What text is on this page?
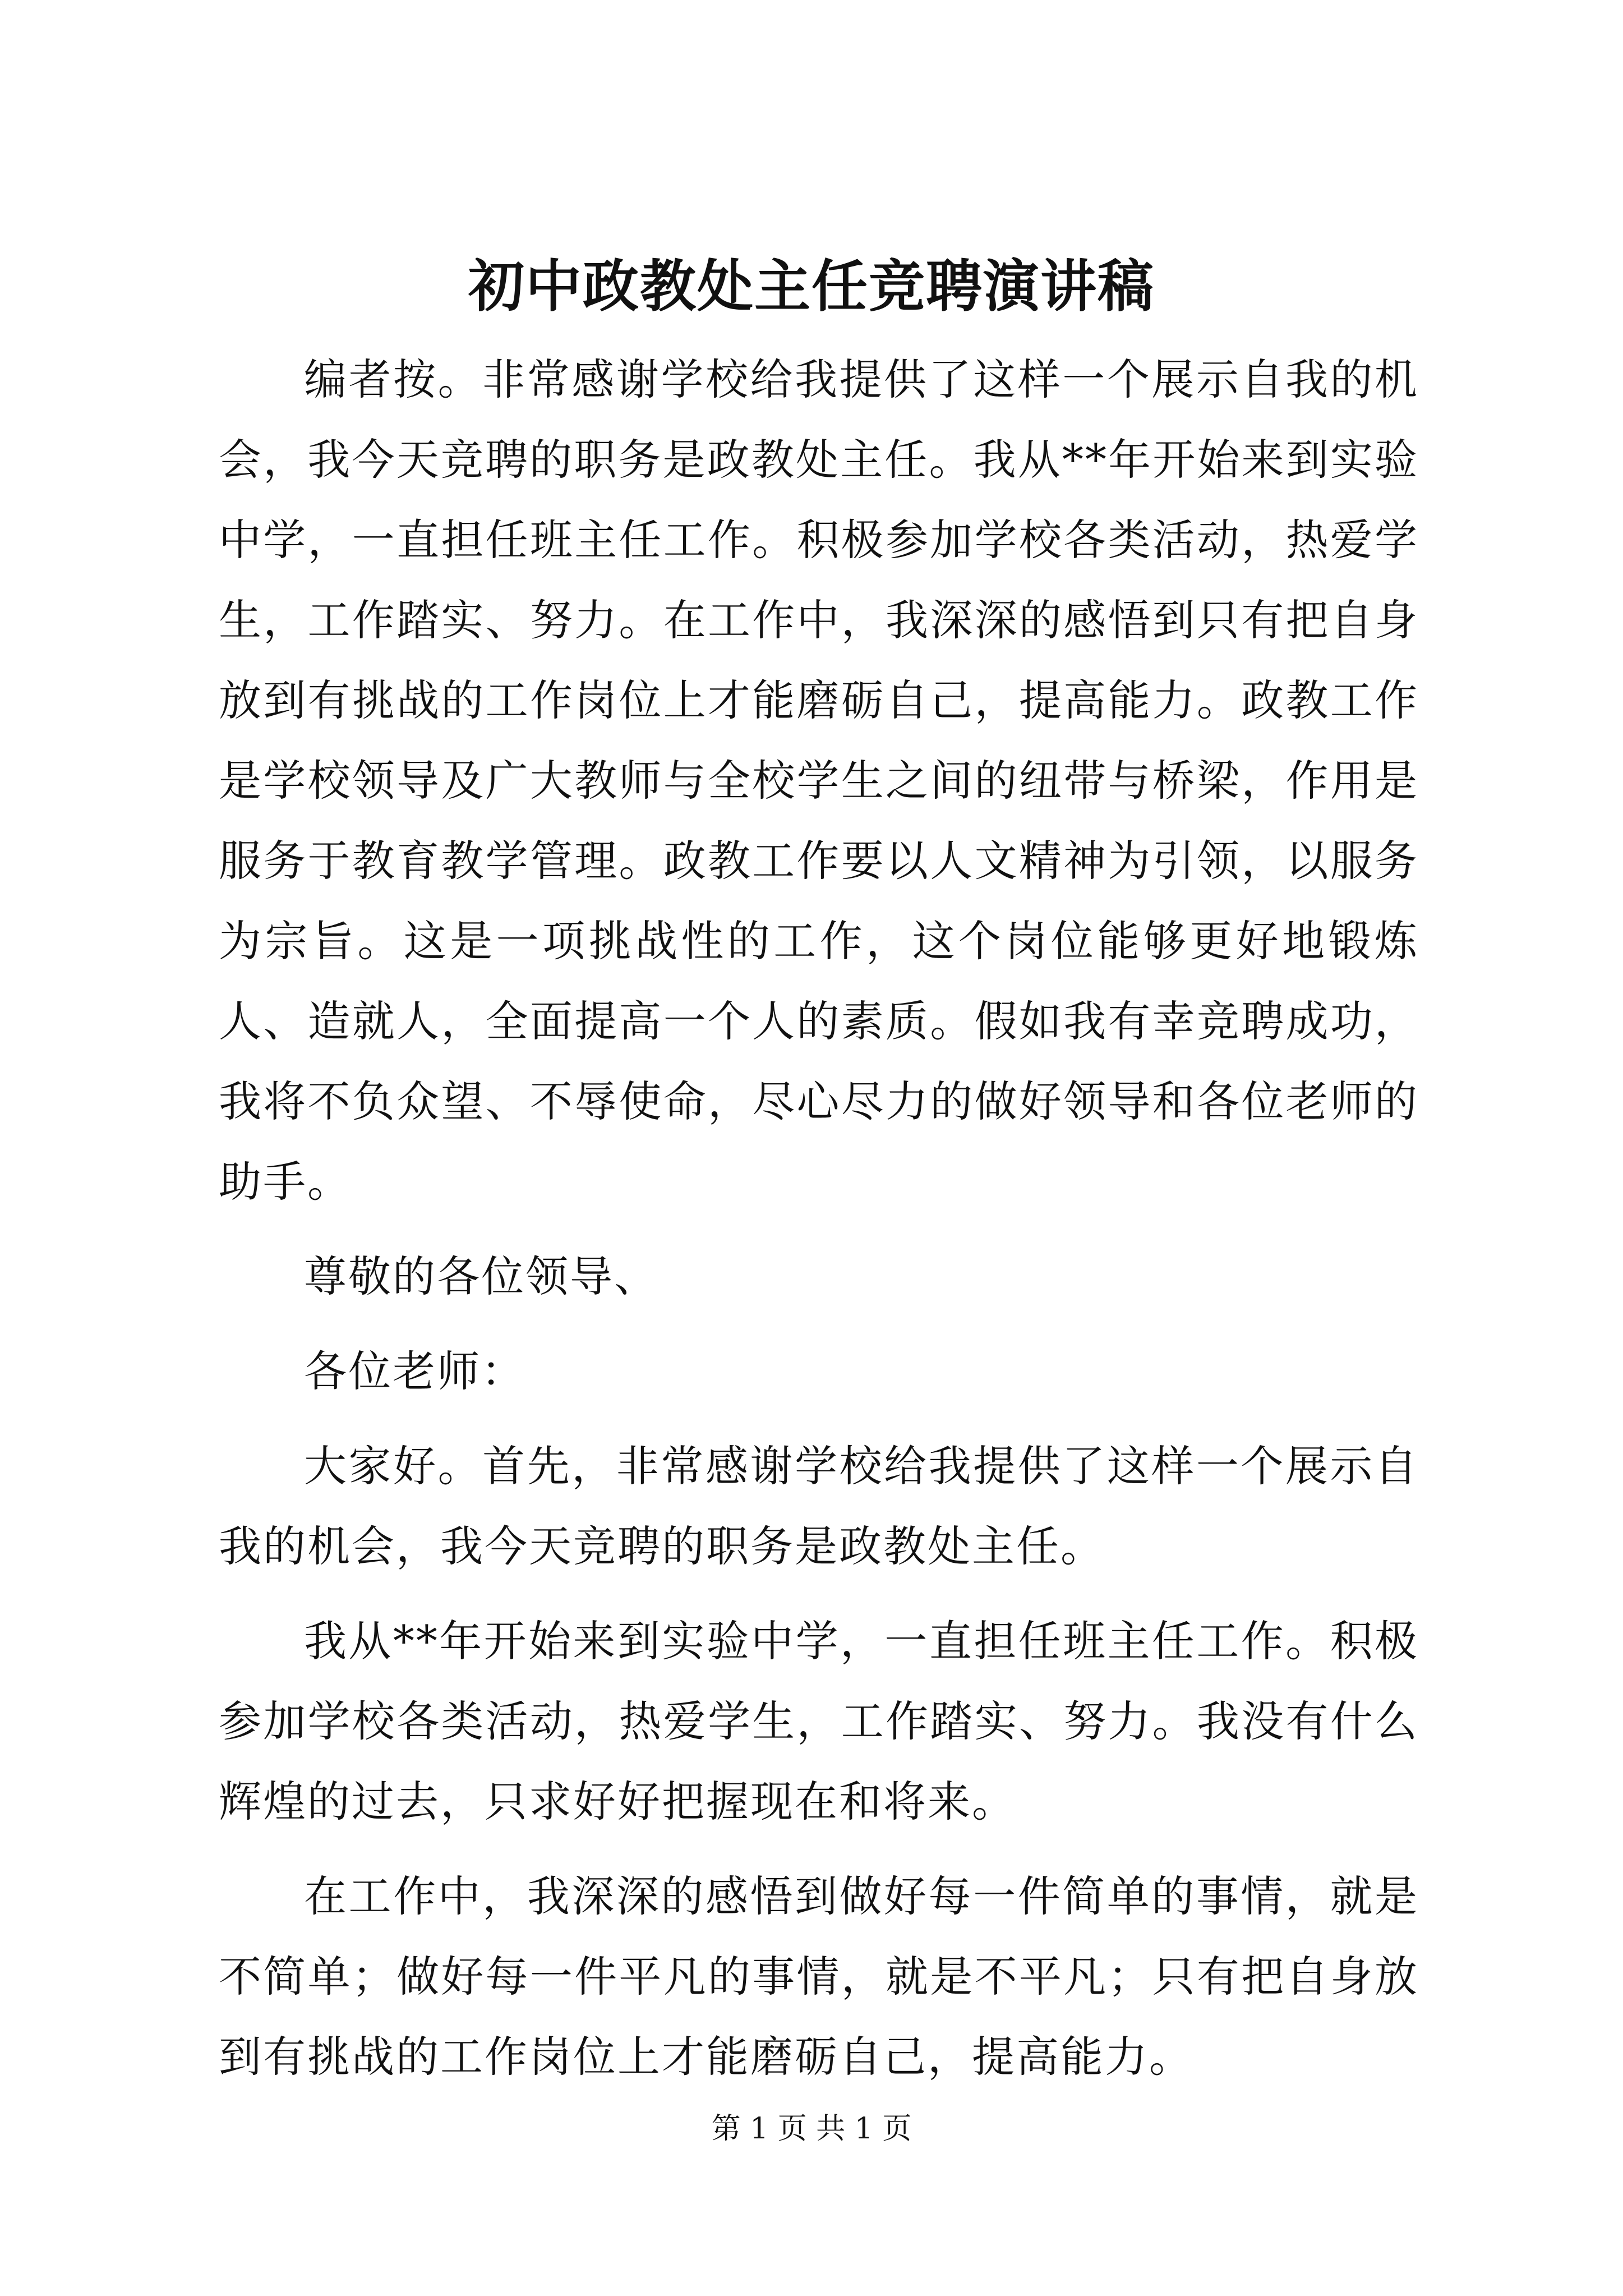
初中政教处主任竞聘演讲稿

编者按。非常感谢学校给我提供了这样一个展示自我的机会，我今天竞聘的职务是政教处主任。我从**年开始来到实验中学，一直担任班主任工作。积极参加学校各类活动，热爱学生，工作踏实、努力。在工作中，我深深的感悟到只有把自身放到有挑战的工作岗位上才能磨砺自己，提高能力。政教工作是学校领导及广大教师与全校学生之间的纽带与桥梁，作用是服务于教育教学管理。政教工作要以人文精神为引领，以服务为宗旨。这是一项挑战性的工作，这个岗位能够更好地锻炼人、造就人，全面提高一个人的素质。假如我有幸竞聘成功，我将不负众望、不辱使命，尽心尽力的做好领导和各位老师的助手。

尊敬的各位领导、

各位老师：

大家好。首先，非常感谢学校给我提供了这样一个展示自我的机会，我今天竞聘的职务是政教处主任。

我从**年开始来到实验中学，一直担任班主任工作。积极参加学校各类活动，热爱学生，工作踏实、努力。我没有什么辉煌的过去，只求好好把握现在和将来。

在工作中，我深深的感悟到做好每一件简单的事情，就是不简单；做好每一件平凡的事情，就是不平凡；只有把自身放到有挑战的工作岗位上才能磨砺自己，提高能力。

第 1 页 共 1 页
